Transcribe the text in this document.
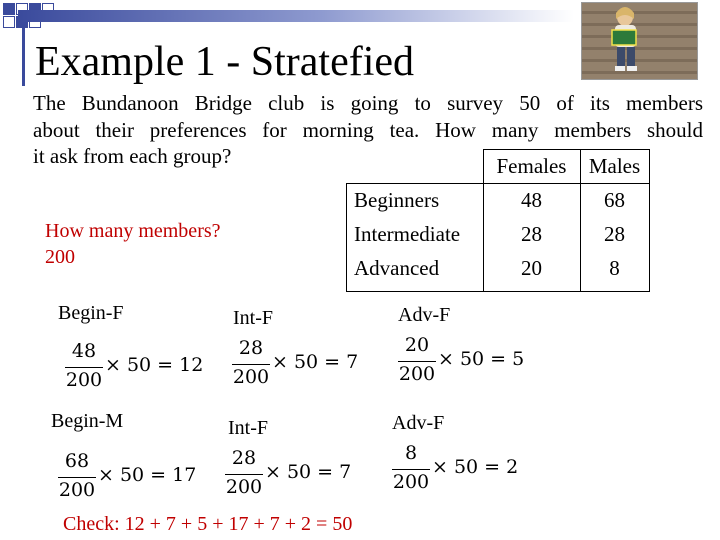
Example 1 - Stratefied
The Bundanoon Bridge club is going to survey 50 of its members
about their preferences for morning tea. How many members should
it ask from each group?
How many members?
200
	Females	Males
Beginners	48	68
Intermediate	28	28
Advanced	20	8
Begin-F	Int-F	Adv-F
48
200
× 50 = 12
28
200
× 50 = 7
20
200
× 50 = 5
Begin-M	Int-F	Adv-F
68
200
× 50 = 17
28
200
× 50 = 7
8
200
× 50 = 2
Check: 12 + 7 + 5 + 17 + 7 + 2 = 50
